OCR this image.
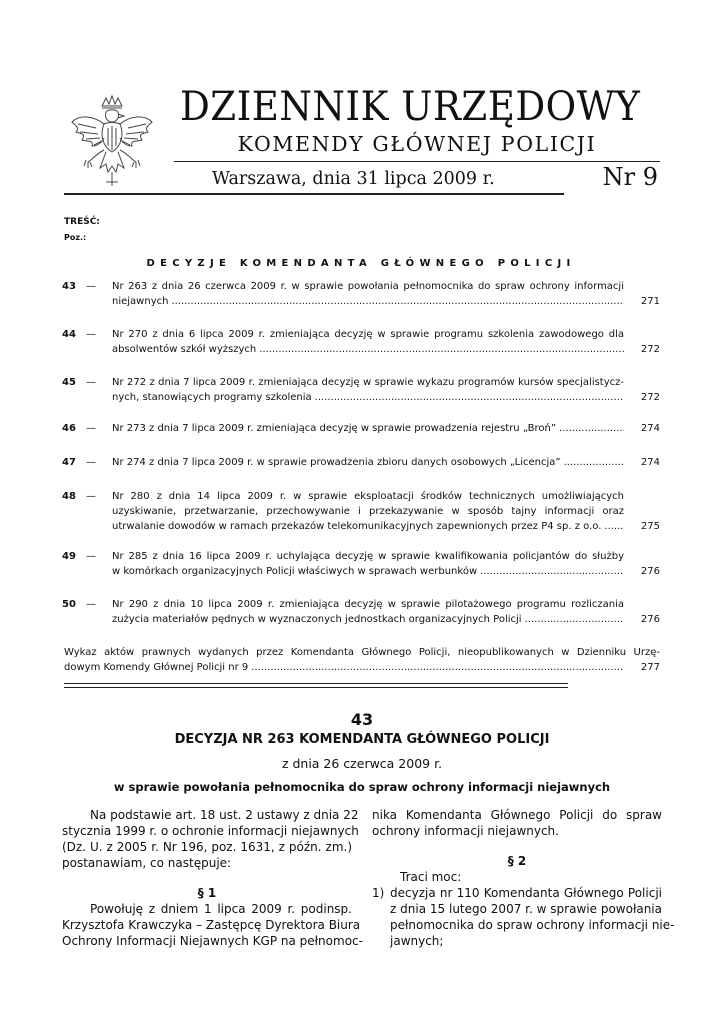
DZIENNIK URZĘDOWY
KOMENDY GŁÓWNEJ POLICJI
Warszawa, dnia 31 lipca 2009 r.	Nr 9
TREŚĆ:
Poz.:
DECYZJE KOMENDANTA GŁÓWNEGO POLICJI
43 — Nr 263 z dnia 26 czerwca 2009 r. w sprawie powołania pełnomocnika do spraw ochrony informacji
niejawnych .....	271
44 — Nr 270 z dnia 6 lipca 2009 r. zmieniająca decyzję w sprawie programu szkolenia zawodowego dla
absolwentów szkół wyższych .....	272
45 — Nr 272 z dnia 7 lipca 2009 r. zmieniająca decyzję w sprawie wykazu programów kursów specjalistycz-
nych, stanowiących programy szkolenia .....	272
46 — Nr 273 z dnia 7 lipca 2009 r. zmieniająca decyzję w sprawie prowadzenia rejestru „Broń” .....	274
47 — Nr 274 z dnia 7 lipca 2009 r. w sprawie prowadzenia zbioru danych osobowych „Licencja” .....	274
48 — Nr 280 z dnia 14 lipca 2009 r. w sprawie eksploatacji środków technicznych umożliwiających
uzyskiwanie, przetwarzanie, przechowywanie i przekazywanie w sposób tajny informacji oraz
utrwalanie dowodów w ramach przekazów telekomunikacyjnych zapewnionych przez P4 sp. z o.o. .....	275
49 — Nr 285 z dnia 16 lipca 2009 r. uchylająca decyzję w sprawie kwalifikowania policjantów do służby
w komórkach organizacyjnych Policji właściwych w sprawach werbunków .....	276
50 — Nr 290 z dnia 10 lipca 2009 r. zmieniająca decyzję w sprawie pilotażowego programu rozliczania
zużycia materiałów pędnych w wyznaczonych jednostkach organizacyjnych Policji .....	276
Wykaz aktów prawnych wydanych przez Komendanta Głównego Policji, nieopublikowanych w Dzienniku Urzę-
dowym Komendy Głównej Policji nr 9 .....	277
43
DECYZJA NR 263 KOMENDANTA GŁÓWNEGO POLICJI
z dnia 26 czerwca 2009 r.
w sprawie powołania pełnomocnika do spraw ochrony informacji niejawnych
Na podstawie art. 18 ust. 2 ustawy z dnia 22
stycznia 1999 r. o ochronie informacji niejawnych
(Dz. U. z 2005 r. Nr 196, poz. 1631, z późn. zm.)
postanawiam, co następuje:
§ 1
Powołuję z dniem 1 lipca 2009 r. podinsp.
Krzysztofa Krawczyka – Zastępcę Dyrektora Biura
Ochrony Informacji Niejawnych KGP na pełnomoc-
nika Komendanta Głównego Policji do spraw
ochrony informacji niejawnych.
§ 2
Traci moc:
1) decyzja nr 110 Komendanta Głównego Policji
z dnia 15 lutego 2007 r. w sprawie powołania
pełnomocnika do spraw ochrony informacji nie-
jawnych;
